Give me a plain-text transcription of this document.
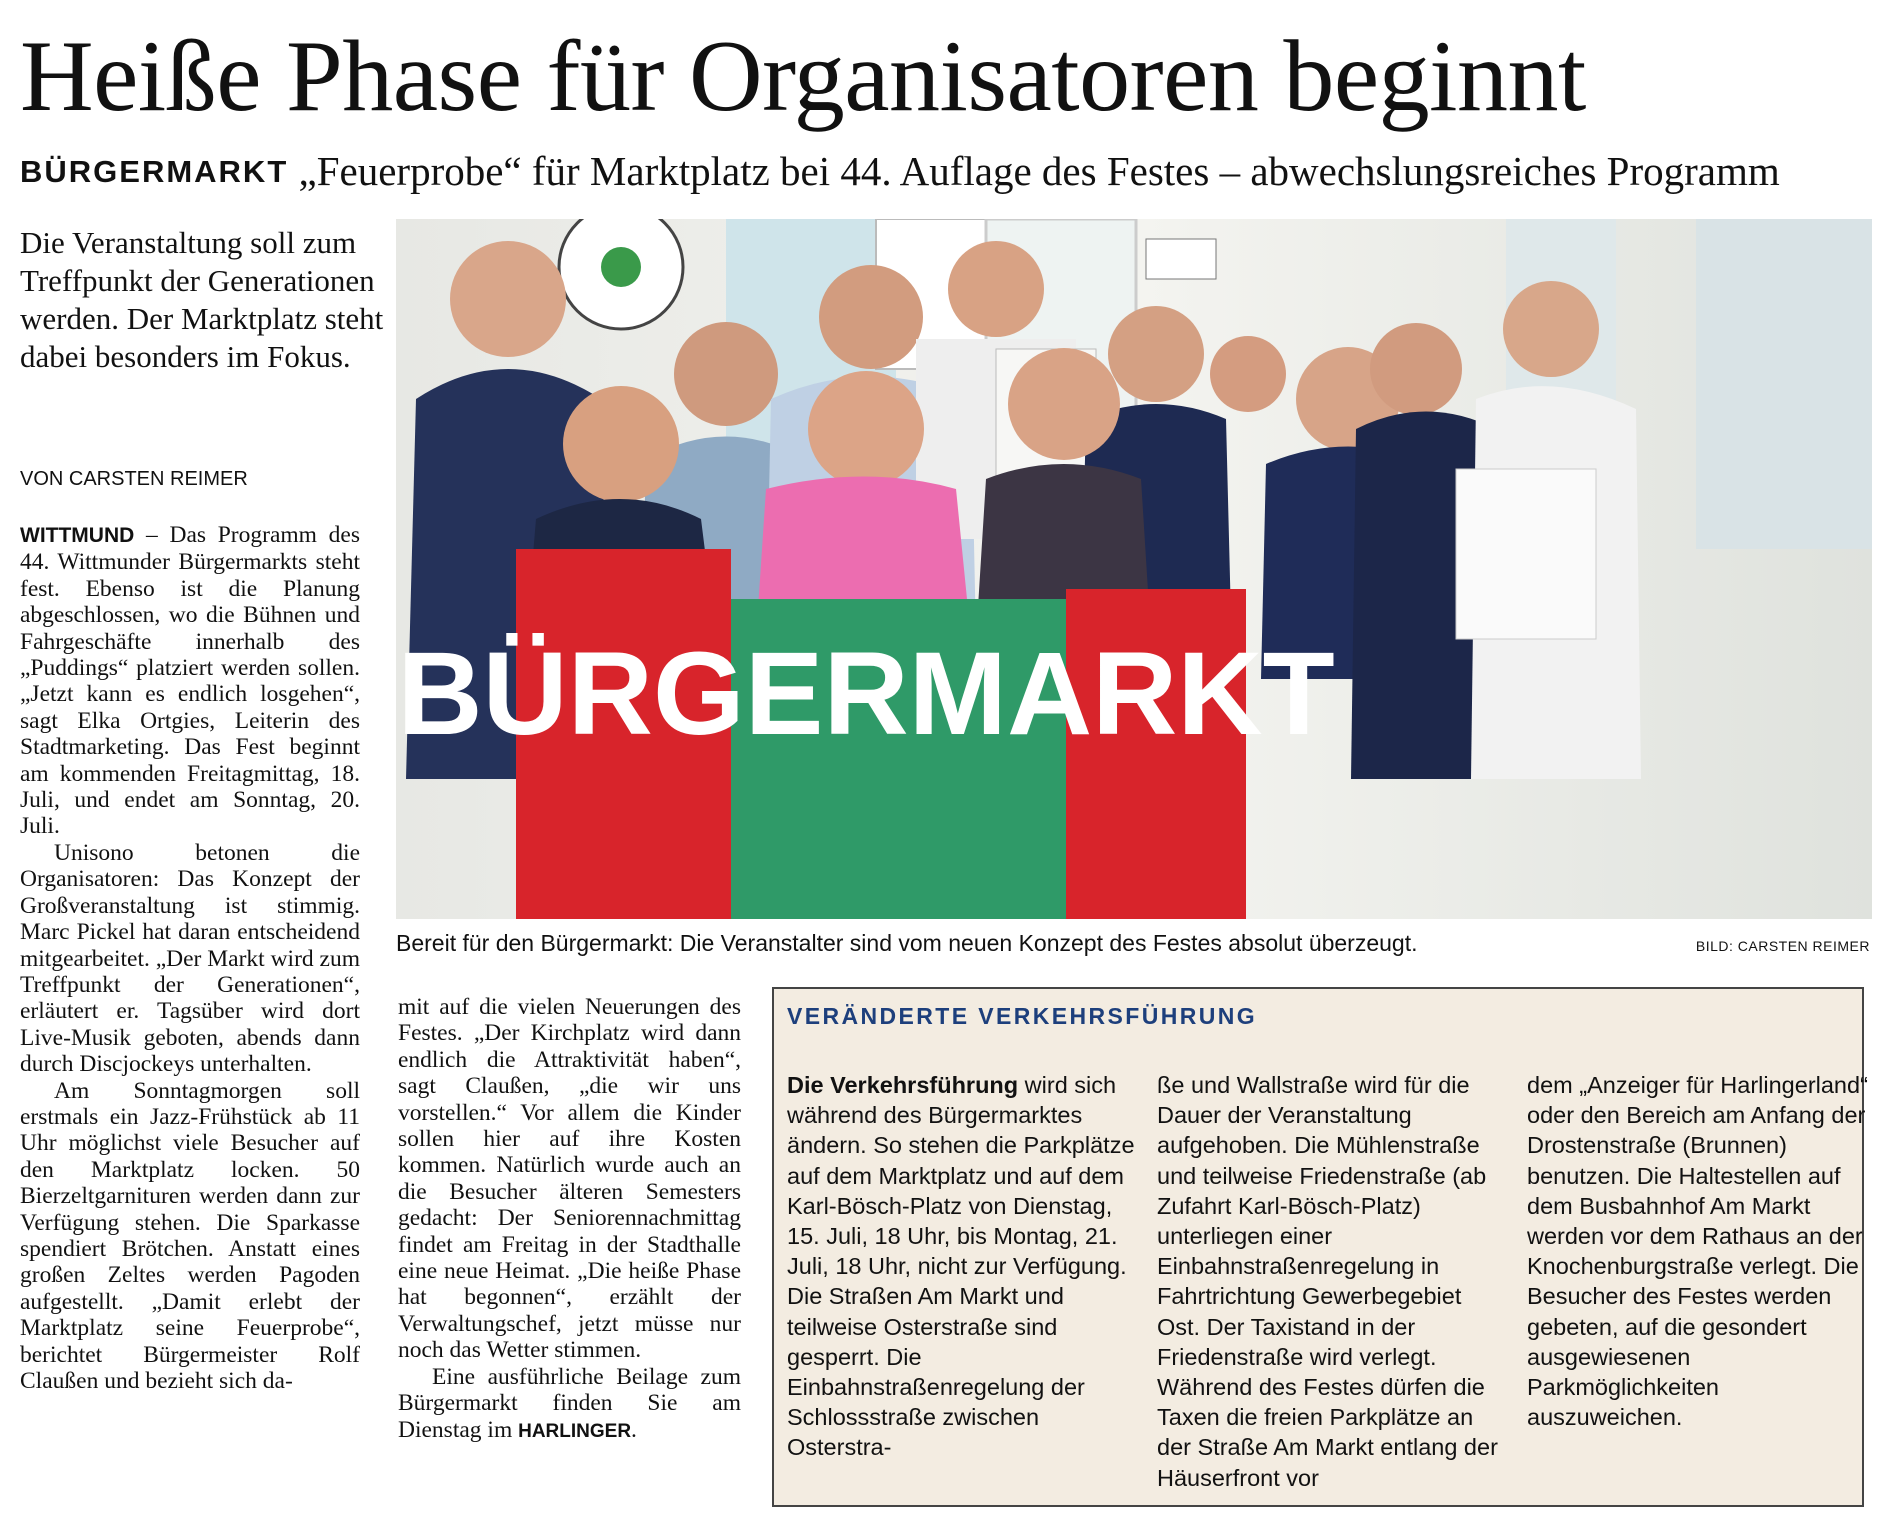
Heiße Phase für Organisatoren beginnt
BÜRGERMARKT „Feuerprobe“ für Marktplatz bei 44. Auflage des Festes – abwechslungsreiches Programm
Die Veranstaltung soll zum Treffpunkt der Generationen werden. Der Marktplatz steht dabei besonders im Fokus.
VON CARSTEN REIMER

WITTMUND – Das Programm des 44. Wittmunder Bürgermarkts steht fest. Ebenso ist die Planung abgeschlossen, wo die Bühnen und Fahrgeschäfte innerhalb des „Puddings“ platziert werden sollen. „Jetzt kann es endlich losgehen“, sagt Elka Ortgies, Leiterin des Stadtmarketing. Das Fest beginnt am kommenden Freitagmittag, 18. Juli, und endet am Sonntag, 20. Juli.

Unisono betonen die Organisatoren: Das Konzept der Großveranstaltung ist stimmig. Marc Pickel hat daran entscheidend mitgearbeitet. „Der Markt wird zum Treffpunkt der Generationen“, erläutert er. Tagsüber wird dort Live-Musik geboten, abends dann durch Discjockeys unterhalten.

Am Sonntagmorgen soll erstmals ein Jazz-Frühstück ab 11 Uhr möglichst viele Besucher auf den Marktplatz locken. 50 Bierzeltgarnituren werden dann zur Verfügung stehen. Die Sparkasse spendiert Brötchen. Anstatt eines großen Zeltes werden Pagoden aufgestellt. „Damit erlebt der Marktplatz seine Feuerprobe“, berichtet Bürgermeister Rolf Claußen und bezieht sich da-

mit auf die vielen Neuerungen des Festes. „Der Kirchplatz wird dann endlich die Attraktivität haben“, sagt Claußen, „die wir uns vorstellen.“ Vor allem die Kinder sollen hier auf ihre Kosten kommen. Natürlich wurde auch an die Besucher älteren Semesters gedacht: Der Seniorennachmittag findet am Freitag in der Stadthalle eine neue Heimat. „Die heiße Phase hat begonnen“, erzählt der Verwaltungschef, jetzt müsse nur noch das Wetter stimmen.

Eine ausführliche Beilage zum Bürgermarkt finden Sie am Dienstag im HARLINGER.

BÜRGERMARKT
Bereit für den Bürgermarkt: Die Veranstalter sind vom neuen Konzept des Festes absolut überzeugt.	BILD: CARSTEN REIMER
VERÄNDERTE VERKEHRSFÜHRUNG

Die Verkehrsführung wird sich während des Bürgermarktes ändern. So stehen die Parkplätze auf dem Marktplatz und auf dem Karl-Bösch-Platz von Dienstag, 15. Juli, 18 Uhr, bis Montag, 21. Juli, 18 Uhr, nicht zur Verfügung. Die Straßen Am Markt und teilweise Osterstraße sind gesperrt. Die Einbahnstraßenregelung der Schlossstraße zwischen Osterstra-

ße und Wallstraße wird für die Dauer der Veranstaltung aufgehoben. Die Mühlenstraße und teilweise Friedenstraße (ab Zufahrt Karl-Bösch-Platz) unterliegen einer Einbahnstraßenregelung in Fahrtrichtung Gewerbegebiet Ost. Der Taxistand in der Friedenstraße wird verlegt. Während des Festes dürfen die Taxen die freien Parkplätze an der Straße Am Markt entlang der Häuserfront vor

dem „Anzeiger für Harlingerland“ oder den Bereich am Anfang der Drostenstraße (Brunnen) benutzen. Die Haltestellen auf dem Busbahnhof Am Markt werden vor dem Rathaus an der Knochenburgstraße verlegt. Die Besucher des Festes werden gebeten, auf die gesondert ausgewiesenen Parkmöglichkeiten auszuweichen.
